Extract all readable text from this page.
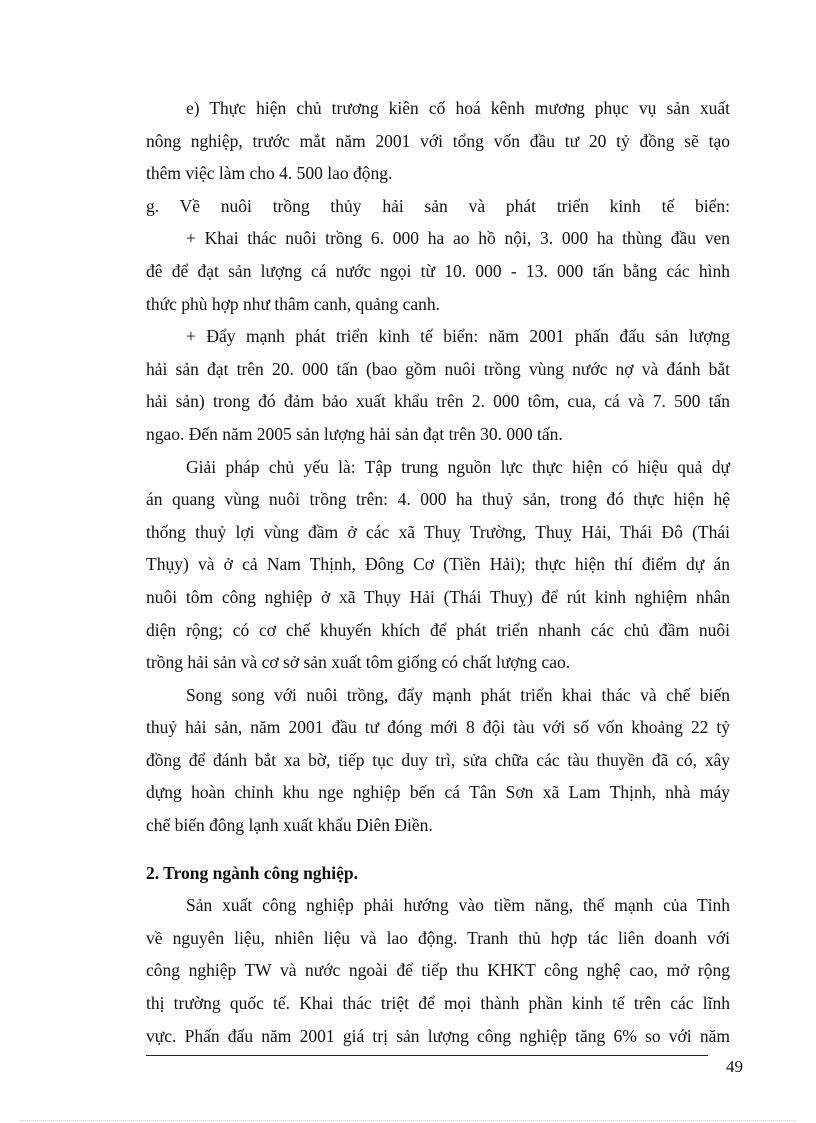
e) Thực hiện chủ trương kiên cố hoá kênh mương phục vụ sản xuất
nông nghiệp, trước mắt năm 2001 với tổng vốn đầu tư 20 tỷ đồng sẽ tạo
thêm việc làm cho 4. 500 lao động.
g. Về nuôi trồng thủy hải sản và phát triển kinh tế biển:
+ Khai thác nuôi trồng 6. 000 ha ao hồ nội, 3. 000 ha thùng đầu ven
đê để đạt sản lượng cá nước ngọi từ 10. 000 - 13. 000 tấn bằng các hình
thức phù hợp như thâm canh, quảng canh.
+ Đẩy mạnh phát triển kinh tế biển: năm 2001 phấn đấu sản lượng
hải sản đạt trên 20. 000 tấn (bao gồm nuôi trồng vùng nước nợ và đánh bắt
hải sản) trong đó đảm bảo xuất khẩu trên 2. 000 tôm, cua, cá và 7. 500 tấn
ngao. Đến năm 2005 sản lượng hải sản đạt trên 30. 000 tấn.
Giải pháp chủ yếu là: Tập trung nguồn lực thực hiện có hiệu quả dự
án quang vùng nuôi trồng trên: 4. 000 ha thuỷ sản, trong đó thực hiện hệ
thống thuỷ lợi vùng đầm ở các xã Thuỵ Trường, Thuỵ Hải, Thái Đô (Thái
Thụy) và ở cả Nam Thịnh, Đông Cơ (Tiền Hải); thực hiện thí điểm dự án
nuôi tôm công nghiệp ở xã Thụy Hải (Thái Thuỵ) để rút kinh nghiệm nhân
diện rộng; có cơ chế khuyến khích để phát triển nhanh các chủ đầm nuôi
trồng hải sản và cơ sở sản xuất tôm giống có chất lượng cao.
Song song với nuôi trồng, đẩy mạnh phát triển khai thác và chế biến
thuỷ hải sản, năm 2001 đầu tư đóng mới 8 đội tàu với số vốn khoảng 22 tỷ
đồng để đánh bắt xa bờ, tiếp tục duy trì, sửa chữa các tàu thuyền đã có, xây
dựng hoàn chỉnh khu nge nghiệp bến cá Tân Sơn xã Lam Thịnh, nhà máy
chế biến đông lạnh xuất khẩu Diên Điền.
2. Trong ngành công nghiệp.
Sản xuất công nghiệp phải hướng vào tiềm năng, thế mạnh của Tỉnh
về nguyên liệu, nhiên liệu và lao động. Tranh thủ hợp tác liên doanh với
công nghiệp TW và nước ngoài để tiếp thu KHKT công nghệ cao, mở rộng
thị trường quốc tế. Khai thác triệt để mọi thành phần kinh tế trên các lĩnh
vực. Phấn đấu năm 2001 giá trị sản lượng công nghiệp tăng 6% so với năm
49
